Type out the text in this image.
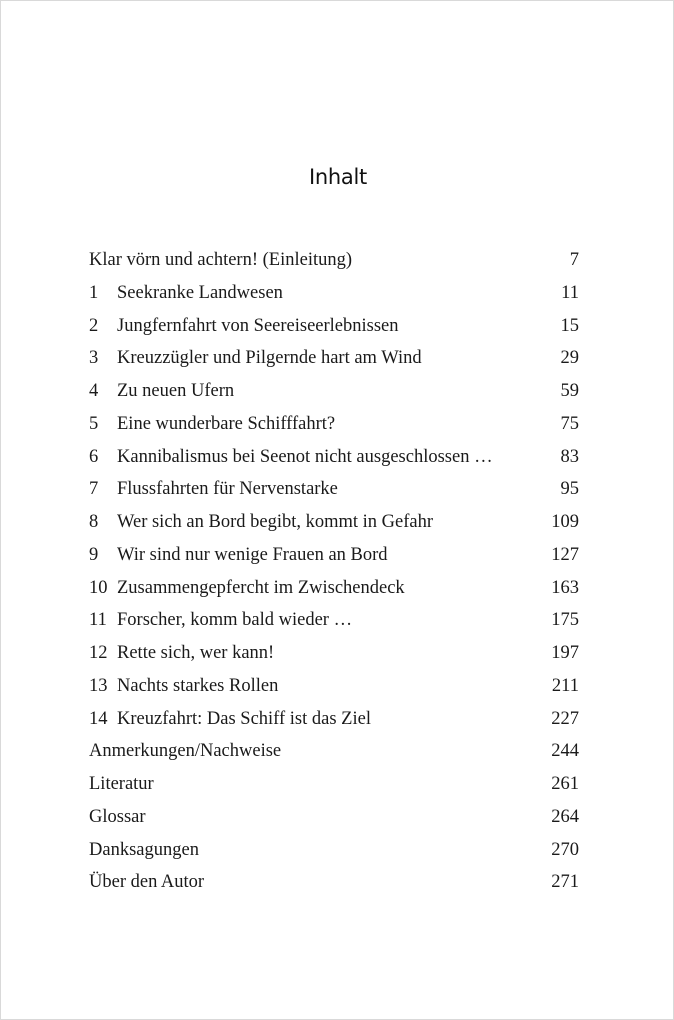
Inhalt
Klar vörn und achtern! (Einleitung)	7
1 Seekranke Landwesen	11
2 Jungfernfahrt von Seereiseerlebnissen	15
3 Kreuzzügler und Pilgernde hart am Wind	29
4 Zu neuen Ufern	59
5 Eine wunderbare Schifffahrt?	75
6 Kannibalismus bei Seenot nicht ausgeschlossen …	83
7 Flussfahrten für Nervenstarke	95
8 Wer sich an Bord begibt, kommt in Gefahr	109
9 Wir sind nur wenige Frauen an Bord	127
10 Zusammengepfercht im Zwischendeck	163
11 Forscher, komm bald wieder …	175
12 Rette sich, wer kann!	197
13 Nachts starkes Rollen	211
14 Kreuzfahrt: Das Schiff ist das Ziel	227
Anmerkungen/Nachweise	244
Literatur	261
Glossar	264
Danksagungen	270
Über den Autor	271
